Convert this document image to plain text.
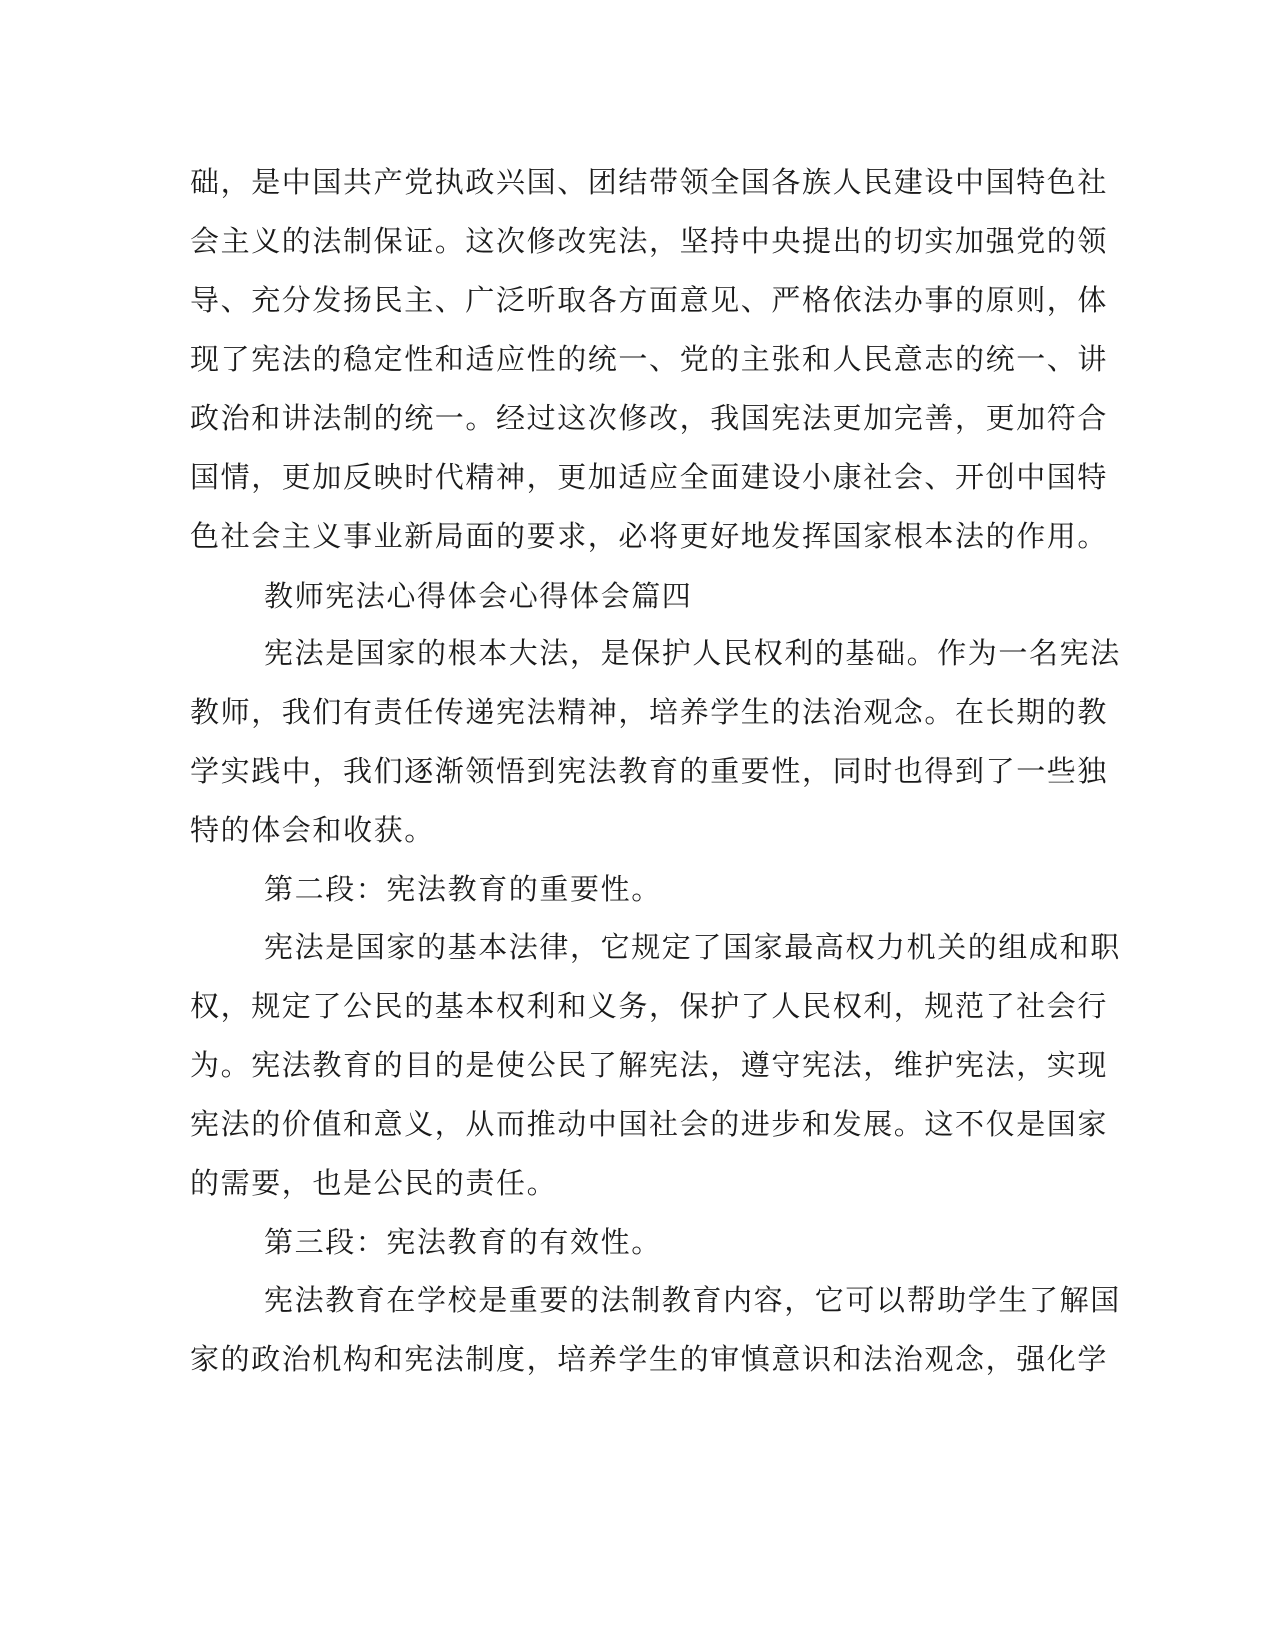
础，是中国共产党执政兴国、团结带领全国各族人民建设中国特色社
会主义的法制保证。这次修改宪法，坚持中央提出的切实加强党的领
导、充分发扬民主、广泛听取各方面意见、严格依法办事的原则，体
现了宪法的稳定性和适应性的统一、党的主张和人民意志的统一、讲
政治和讲法制的统一。经过这次修改，我国宪法更加完善，更加符合
国情，更加反映时代精神，更加适应全面建设小康社会、开创中国特
色社会主义事业新局面的要求，必将更好地发挥国家根本法的作用。
教师宪法心得体会心得体会篇四
宪法是国家的根本大法，是保护人民权利的基础。作为一名宪法
教师，我们有责任传递宪法精神，培养学生的法治观念。在长期的教
学实践中，我们逐渐领悟到宪法教育的重要性，同时也得到了一些独
特的体会和收获。
第二段：宪法教育的重要性。
宪法是国家的基本法律，它规定了国家最高权力机关的组成和职
权，规定了公民的基本权利和义务，保护了人民权利，规范了社会行
为。宪法教育的目的是使公民了解宪法，遵守宪法，维护宪法，实现
宪法的价值和意义，从而推动中国社会的进步和发展。这不仅是国家
的需要，也是公民的责任。
第三段：宪法教育的有效性。
宪法教育在学校是重要的法制教育内容，它可以帮助学生了解国
家的政治机构和宪法制度，培养学生的审慎意识和法治观念，强化学
